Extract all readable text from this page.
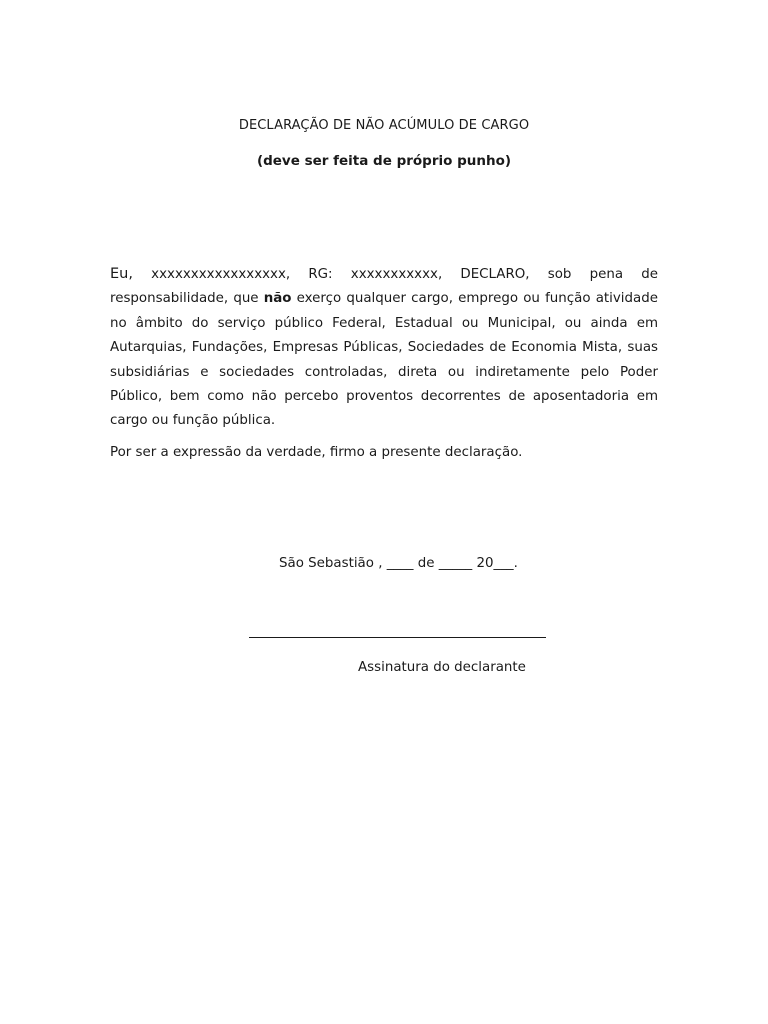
DECLARAÇÃO DE NÃO ACÚMULO DE CARGO
(deve ser feita de próprio punho)

Eu, xxxxxxxxxxxxxxxxx, RG: xxxxxxxxxxx, DECLARO, sob pena de responsabilidade, que não exerço qualquer cargo, emprego ou função atividade no âmbito do serviço público Federal, Estadual ou Municipal, ou ainda em Autarquias, Fundações, Empresas Públicas, Sociedades de Economia Mista, suas subsidiárias e sociedades controladas, direta ou indiretamente pelo Poder Público, bem como não percebo proventos decorrentes de aposentadoria em cargo ou função pública.

Por ser a expressão da verdade, firmo a presente declaração.

São Sebastião , ____ de _____ 20___.
Assinatura do declarante
